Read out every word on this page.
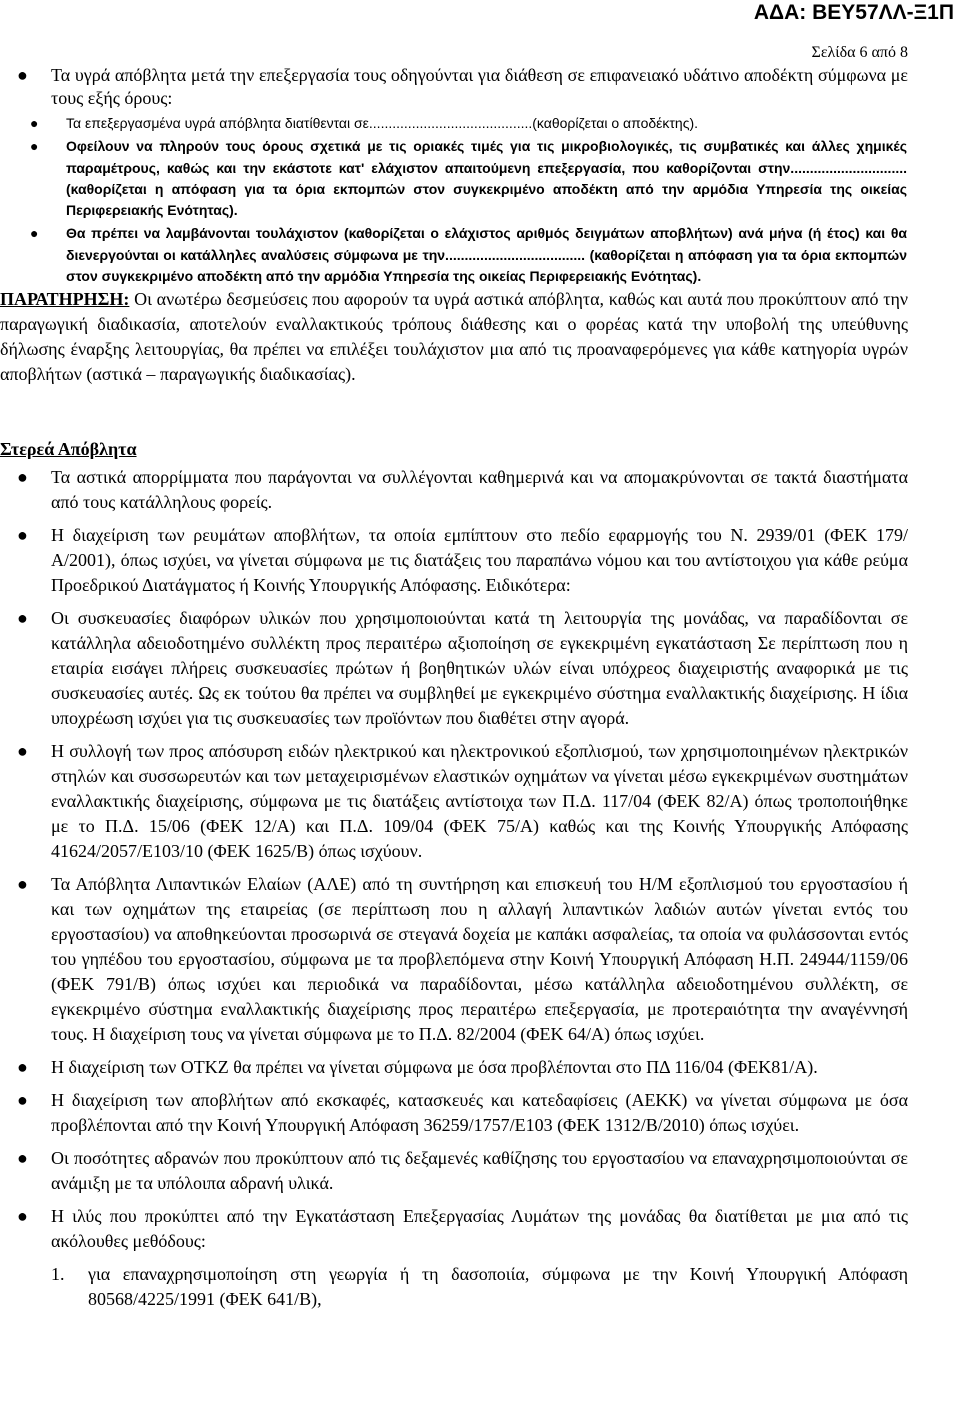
ΑΔΑ: ΒΕΥ57ΛΛ-Ξ1Π

Σελίδα 6 από 8

●	Τα υγρά απόβλητα μετά την επεξεργασία τους οδηγούνται για διάθεση σε επιφανειακό υδάτινο αποδέκτη σύμφωνα με τους εξής όρους:

●	Τα επεξεργασμένα υγρά απόβλητα διατίθενται σε..........................................(καθορίζεται ο αποδέκτης).

●	Οφείλουν να πληρούν τους όρους σχετικά με τις οριακές τιμές για τις μικροβιολογικές, τις συμβατικές και άλλες χημικές παραμέτρους, καθώς και την εκάστοτε κατ' ελάχιστον απαιτούμενη επεξεργασία, που καθορίζονται στην..............................(καθορίζεται η απόφαση για τα όρια εκπομπών στον συγκεκριμένο αποδέκτη από την αρμόδια Υπηρεσία της οικείας Περιφερειακής Ενότητας).

●	Θα πρέπει να λαμβάνονται τουλάχιστον (καθορίζεται ο ελάχιστος αριθμός δειγμάτων αποβλήτων) ανά μήνα (ή έτος) και θα διενεργούνται οι κατάλληλες αναλύσεις σύμφωνα με την.................................... (καθορίζεται η απόφαση για τα όρια εκπομπών στον συγκεκριμένο αποδέκτη από την αρμόδια Υπηρεσία της οικείας Περιφερειακής Ενότητας).

ΠΑΡΑΤΗΡΗΣΗ: Οι ανωτέρω δεσμεύσεις που αφορούν τα υγρά αστικά απόβλητα, καθώς και αυτά που προκύπτουν από την παραγωγική διαδικασία, αποτελούν εναλλακτικούς τρόπους διάθεσης και ο φορέας κατά την υποβολή της υπεύθυνης δήλωσης έναρξης λειτουργίας, θα πρέπει να επιλέξει τουλάχιστον μια από τις προαναφερόμενες για κάθε κατηγορία υγρών αποβλήτων (αστικά – παραγωγικής διαδικασίας).

Στερεά Απόβλητα

●	Τα αστικά απορρίμματα που παράγονται να συλλέγονται καθημερινά και να απομακρύνονται σε τακτά διαστήματα από τους κατάλληλους φορείς.

●	Η διαχείριση των ρευμάτων αποβλήτων, τα οποία εμπίπτουν στο πεδίο εφαρμογής του Ν. 2939/01 (ΦΕΚ 179/Α/2001), όπως ισχύει, να γίνεται σύμφωνα με τις διατάξεις του παραπάνω νόμου και του αντίστοιχου για κάθε ρεύμα Προεδρικού Διατάγματος ή Κοινής Υπουργικής Απόφασης. Ειδικότερα:

●	Οι συσκευασίες διαφόρων υλικών που χρησιμοποιούνται κατά τη λειτουργία της μονάδας, να παραδίδονται σε κατάλληλα αδειοδοτημένο συλλέκτη προς περαιτέρω αξιοποίηση σε εγκεκριμένη εγκατάσταση Σε περίπτωση που η εταιρία εισάγει πλήρεις συσκευασίες πρώτων ή βοηθητικών υλών είναι υπόχρεος διαχειριστής αναφορικά με τις συσκευασίες αυτές. Ως εκ τούτου θα πρέπει να συμβληθεί με εγκεκριμένο σύστημα εναλλακτικής διαχείρισης. Η ίδια υποχρέωση ισχύει για τις συσκευασίες των προϊόντων που διαθέτει στην αγορά.

●	Η συλλογή των προς απόσυρση ειδών ηλεκτρικού και ηλεκτρονικού εξοπλισμού, των χρησιμοποιημένων ηλεκτρικών στηλών και συσσωρευτών και των μεταχειρισμένων ελαστικών οχημάτων να γίνεται μέσω εγκεκριμένων συστημάτων εναλλακτικής διαχείρισης, σύμφωνα με τις διατάξεις αντίστοιχα των Π.Δ. 117/04 (ΦΕΚ 82/Α) όπως τροποποιήθηκε με το Π.Δ. 15/06 (ΦΕΚ 12/Α) και Π.Δ. 109/04 (ΦΕΚ 75/Α) καθώς και της Κοινής Υπουργικής Απόφασης 41624/2057/Ε103/10 (ΦΕΚ 1625/Β) όπως ισχύουν.

●	Τα Απόβλητα Λιπαντικών Ελαίων (ΑΛΕ) από τη συντήρηση και επισκευή του Η/Μ εξοπλισμού του εργοστασίου ή και των οχημάτων της εταιρείας (σε περίπτωση που η αλλαγή λιπαντικών λαδιών αυτών γίνεται εντός του εργοστασίου) να αποθηκεύονται προσωρινά σε στεγανά δοχεία με καπάκι ασφαλείας, τα οποία να φυλάσσονται εντός του γηπέδου του εργοστασίου, σύμφωνα με τα προβλεπόμενα στην Κοινή Υπουργική Απόφαση Η.Π. 24944/1159/06 (ΦΕΚ 791/Β) όπως ισχύει και περιοδικά να παραδίδονται, μέσω κατάλληλα αδειοδοτημένου συλλέκτη, σε εγκεκριμένο σύστημα εναλλακτικής διαχείρισης προς περαιτέρω επεξεργασία, με προτεραιότητα την αναγέννησή τους. Η διαχείριση τους να γίνεται σύμφωνα με το Π.Δ. 82/2004 (ΦΕΚ 64/Α) όπως ισχύει.

●	Η διαχείριση των ΟΤΚΖ θα πρέπει να γίνεται σύμφωνα με όσα προβλέπονται στο ΠΔ 116/04 (ΦΕΚ81/Α).

●	Η διαχείριση των αποβλήτων από εκσκαφές, κατασκευές και κατεδαφίσεις (ΑΕΚΚ) να γίνεται σύμφωνα με όσα προβλέπονται από την Κοινή Υπουργική Απόφαση 36259/1757/Ε103 (ΦΕΚ 1312/Β/2010) όπως ισχύει.

●	Οι ποσότητες αδρανών που προκύπτουν από τις δεξαμενές καθίζησης του εργοστασίου να επαναχρησιμοποιούνται σε ανάμιξη με τα υπόλοιπα αδρανή υλικά.

●	Η ιλύς που προκύπτει από την Εγκατάσταση Επεξεργασίας Λυμάτων της μονάδας θα διατίθεται με μια από τις ακόλουθες μεθόδους:

1.	για επαναχρησιμοποίηση στη γεωργία ή τη δασοποιία, σύμφωνα με την Κοινή Υπουργική Απόφαση 80568/4225/1991 (ΦΕΚ 641/Β),
